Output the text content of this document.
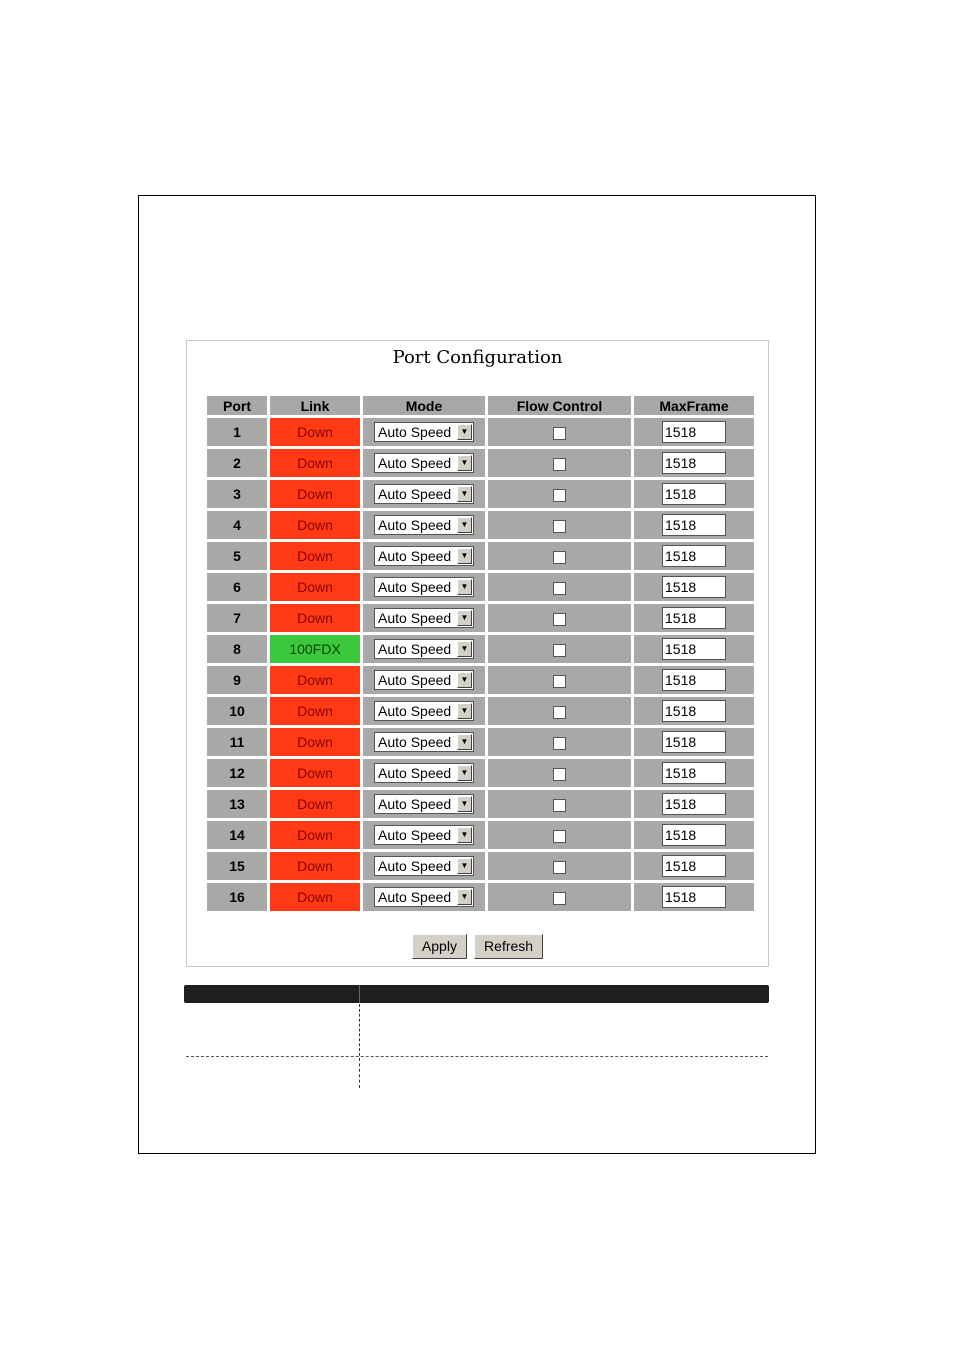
Port Configuration
Port	Link	Mode	Flow Control	MaxFrame
1	Down	Auto Speed ▼		1518
2	Down	Auto Speed ▼		1518
3	Down	Auto Speed ▼		1518
4	Down	Auto Speed ▼		1518
5	Down	Auto Speed ▼		1518
6	Down	Auto Speed ▼		1518
7	Down	Auto Speed ▼		1518
8	100FDX	Auto Speed ▼		1518
9	Down	Auto Speed ▼		1518
10	Down	Auto Speed ▼		1518
11	Down	Auto Speed ▼		1518
12	Down	Auto Speed ▼		1518
13	Down	Auto Speed ▼		1518
14	Down	Auto Speed ▼		1518
15	Down	Auto Speed ▼		1518
16	Down	Auto Speed ▼		1518
Apply Refresh
